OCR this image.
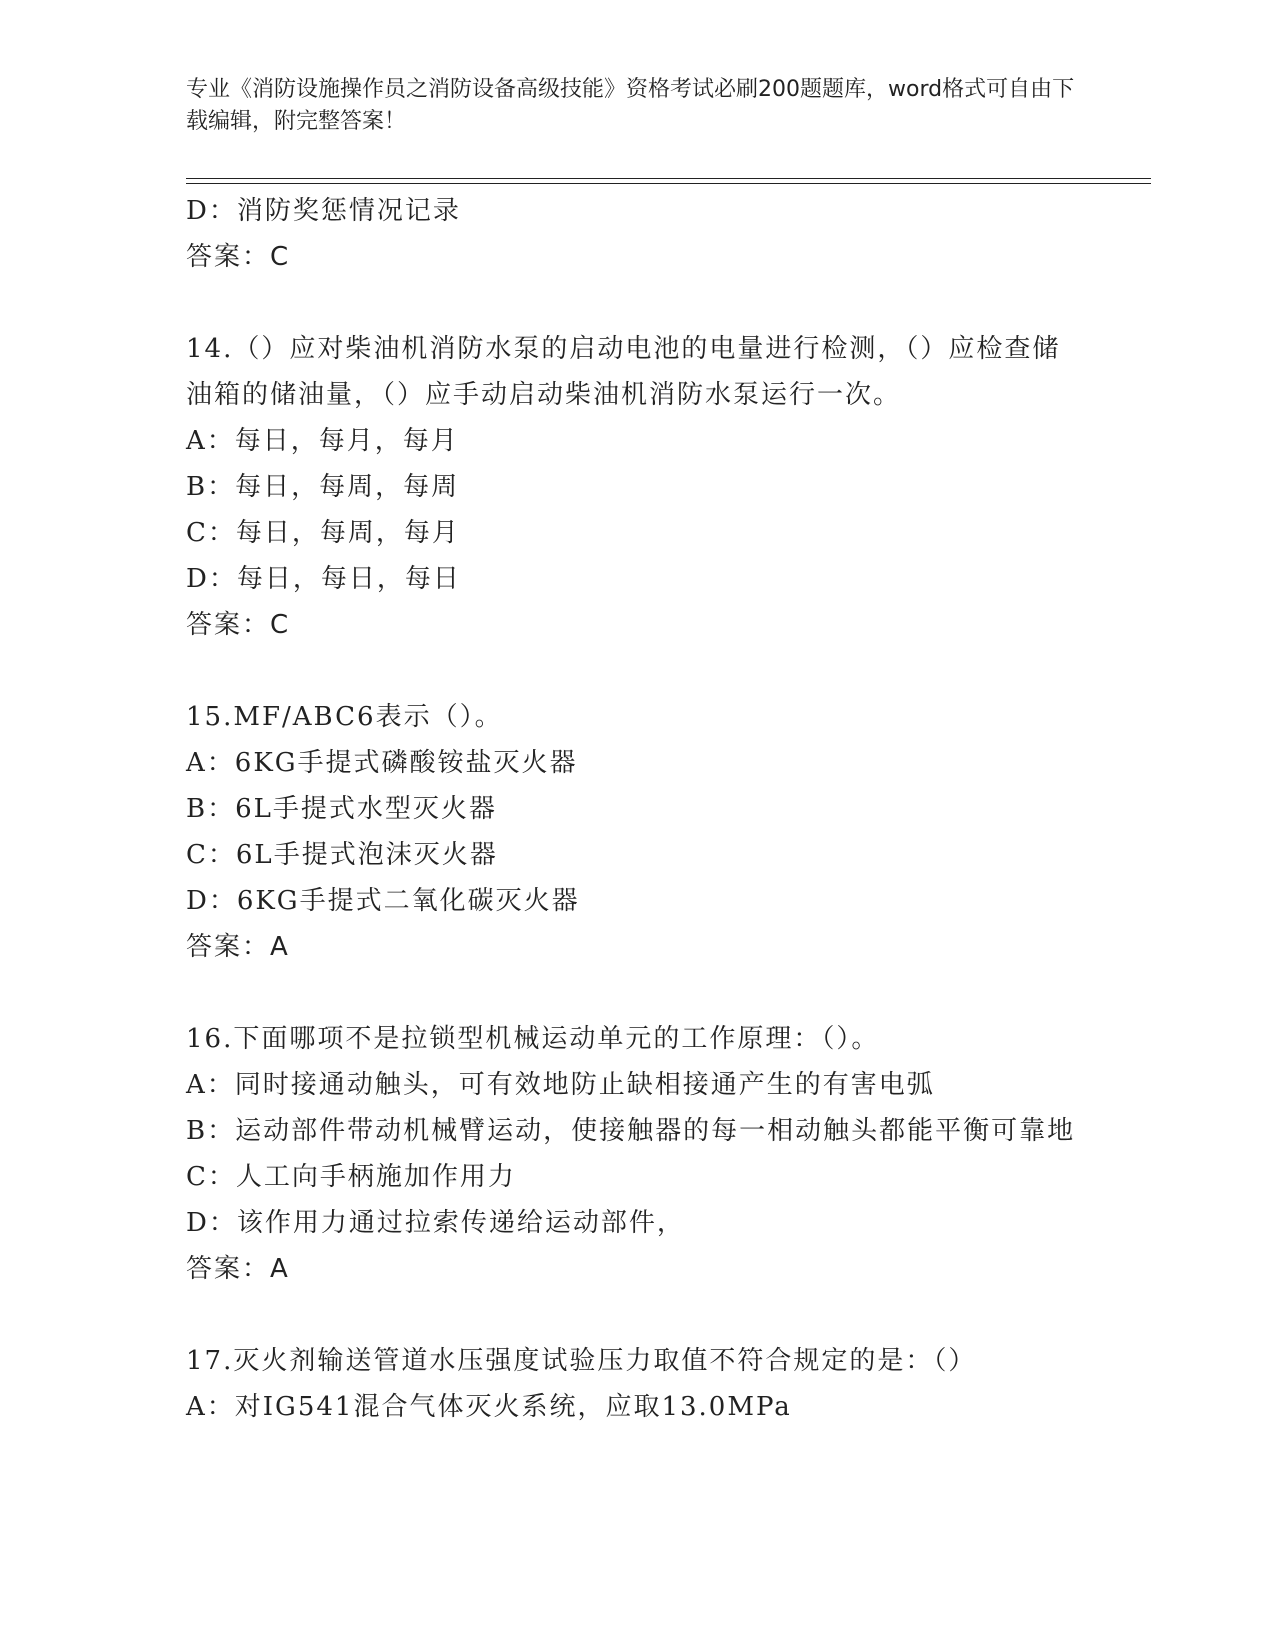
专业《消防设施操作员之消防设备高级技能》资格考试必刷200题题库，word格式可自由下载编辑，附完整答案！

D：消防奖惩情况记录

答案：C

14.（）应对柴油机消防水泵的启动电池的电量进行检测，（）应检查储油箱的储油量，（）应手动启动柴油机消防水泵运行一次。

A：每日，每月，每月

B：每日，每周，每周

C：每日，每周，每月

D：每日，每日，每日

答案：C

15.MF/ABC6表示（）。

A：6KG手提式磷酸铵盐灭火器

B：6L手提式水型灭火器

C：6L手提式泡沫灭火器

D：6KG手提式二氧化碳灭火器

答案：A

16.下面哪项不是拉锁型机械运动单元的工作原理：（）。

A：同时接通动触头，可有效地防止缺相接通产生的有害电弧

B：运动部件带动机械臂运动，使接触器的每一相动触头都能平衡可靠地

C：人工向手柄施加作用力

D：该作用力通过拉索传递给运动部件，

答案：A

17.灭火剂输送管道水压强度试验压力取值不符合规定的是：（）

A：对IG541混合气体灭火系统，应取13.0MPa
